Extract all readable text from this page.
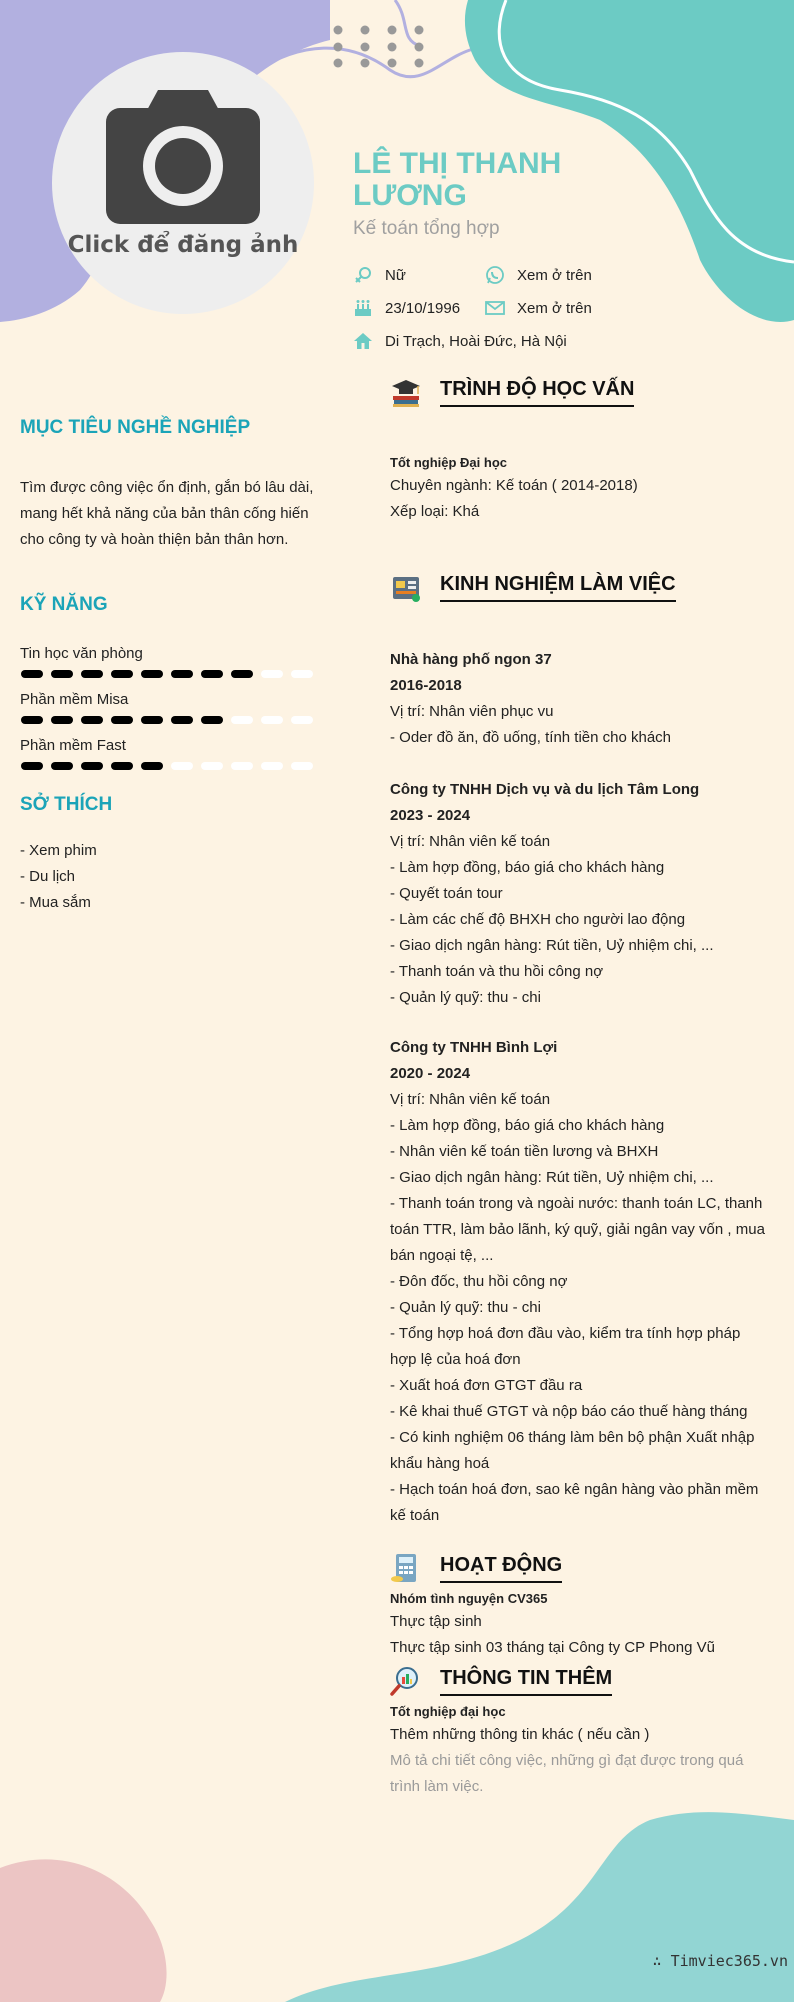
Click để đăng ảnh
LÊ THỊ THANH LƯƠNG
Kế toán tổng hợp
Nữ	Xem ở trên
23/10/1996	Xem ở trên
Di Trạch, Hoài Đức, Hà Nội
MỤC TIÊU NGHỀ NGHIỆP
Tìm được công việc ổn định, gắn bó lâu dài, mang hết khả năng của bản thân cống hiến cho công ty và hoàn thiện bản thân hơn.
KỸ NĂNG
Tin học văn phòng
Phần mềm Misa
Phần mềm Fast
SỞ THÍCH
- Xem phim
- Du lịch
- Mua sắm
TRÌNH ĐỘ HỌC VẤN
Tốt nghiệp Đại học
Chuyên ngành: Kế toán ( 2014-2018)
Xếp loại: Khá
KINH NGHIỆM LÀM VIỆC
Nhà hàng phố ngon 37
2016-2018
Vị trí: Nhân viên phục vu
- Oder đồ ăn, đồ uống, tính tiền cho khách
Công ty TNHH Dịch vụ và du lịch Tâm Long
2023 - 2024
Vị trí: Nhân viên kế toán
- Làm hợp đồng, báo giá cho khách hàng
- Quyết toán tour
- Làm các chế độ BHXH cho người lao động
- Giao dịch ngân hàng: Rút tiền, Uỷ nhiệm chi, ...
- Thanh toán và thu hồi công nợ
- Quản lý quỹ: thu - chi
Công ty TNHH Bình Lợi
2020 - 2024
Vị trí: Nhân viên kế toán
- Làm hợp đồng, báo giá cho khách hàng
- Nhân viên kế toán tiền lương và BHXH
- Giao dịch ngân hàng: Rút tiền, Uỷ nhiệm chi, ...
- Thanh toán trong và ngoài nước: thanh toán LC, thanh toán TTR, làm bảo lãnh, ký quỹ, giải ngân vay vốn , mua bán ngoại tệ, ...
- Đôn đốc, thu hồi công nợ
- Quản lý quỹ: thu - chi
- Tổng hợp hoá đơn đầu vào, kiểm tra tính hợp pháp hợp lệ của hoá đơn
- Xuất hoá đơn GTGT đầu ra
- Kê khai thuế GTGT và nộp báo cáo thuế hàng tháng
- Có kinh nghiệm 06 tháng làm bên bộ phận Xuất nhập khẩu hàng hoá
- Hạch toán hoá đơn, sao kê ngân hàng vào phần mềm kế toán
HOẠT ĐỘNG
Nhóm tình nguyện CV365
Thực tập sinh
Thực tập sinh 03 tháng tại Công ty CP Phong Vũ
THÔNG TIN THÊM
Tốt nghiệp đại học
Thêm những thông tin khác ( nếu cần )
Mô tả chi tiết công việc, những gì đạt được trong quá trình làm việc.
∴ Timviec365.vn
